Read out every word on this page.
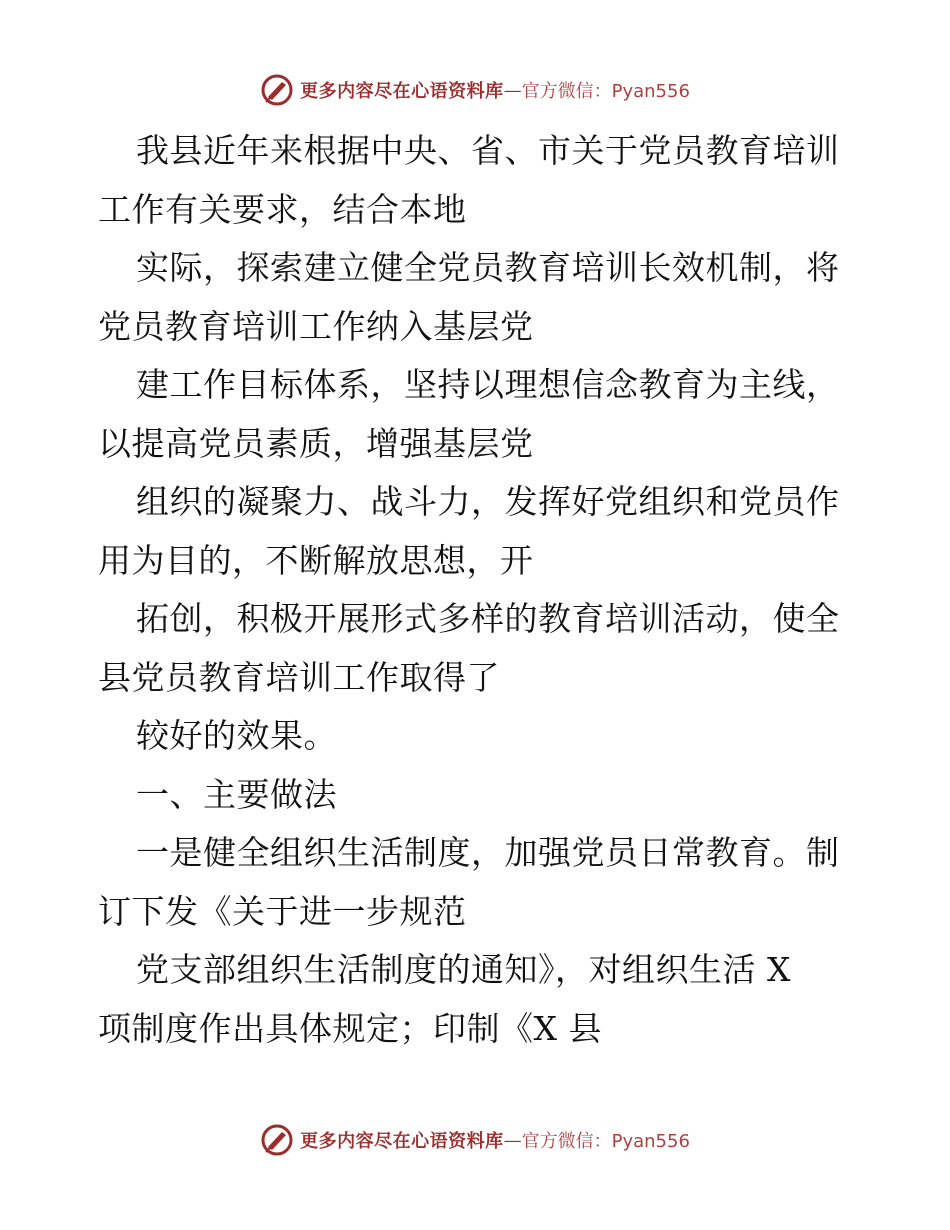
更多内容尽在心语资料库 — 官方微信：Pyan556
我县近年来根据中央、省、市关于党员教育培训
工作有关要求，结合本地
实际，探索建立健全党员教育培训长效机制，将
党员教育培训工作纳入基层党
建工作目标体系，坚持以理想信念教育为主线，
以提高党员素质，增强基层党
组织的凝聚力、战斗力，发挥好党组织和党员作
用为目的，不断解放思想，开
拓创，积极开展形式多样的教育培训活动，使全
县党员教育培训工作取得了
较好的效果。
一、主要做法
一是健全组织生活制度，加强党员日常教育。制
订下发《关于进一步规范
党支部组织生活制度的通知》，对组织生活 X
项制度作出具体规定；印制《X 县
更多内容尽在心语资料库 — 官方微信：Pyan556
